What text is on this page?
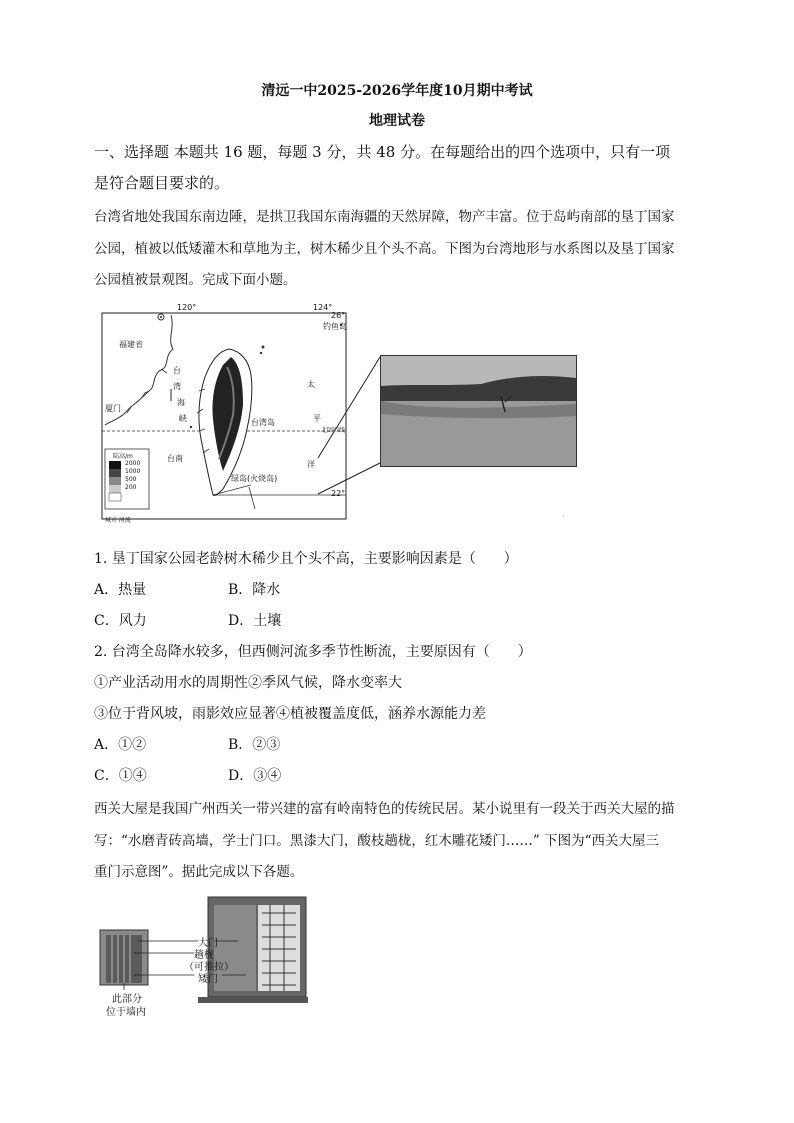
清远一中2025-2026学年度10月期中考试
地理试卷
一、选择题 本题共 16 题，每题 3 分，共 48 分。在每题给出的四个选项中，只有一项
是符合题目要求的。
台湾省地处我国东南边陲，是拱卫我国东南海疆的天然屏障，物产丰富。位于岛屿南部的垦丁国家
公园，植被以低矮灌木和草地为主，树木稀少且个头不高。下图为台湾地形与水系图以及垦丁国家
公园植被景观图。完成下面小题。
120°	124°
26°
22°
钓鱼岛
福建省
厦门
台
湾
海
峡
台南
台湾岛
太
平
洋
北回归线
绿岛(火烧岛)
陆高/m
2000
1000
500
200
城市 河流	·
1. 垦丁国家公园老龄树木稀少且个头不高，主要影响因素是（　　）
A．热量	B．降水
C．风力	D．土壤
2. 台湾全岛降水较多，但西侧河流多季节性断流，主要原因有（　　）
①产业活动用水的周期性②季风气候，降水变率大
③位于背风坡，雨影效应显著④植被覆盖度低，涵养水源能力差
A．①②	B．②③
C．①④	D．③④
西关大屋是我国广州西关一带兴建的富有岭南特色的传统民居。某小说里有一段关于西关大屋的描
写：“水磨青砖高墙，学士门口。黑漆大门，酸枝趟栊，红木雕花矮门……” 下图为“西关大屋三
重门示意图”。据此完成以下各题。
大门
趟栊
（可推拉）
矮门
此部分
位于墙内
